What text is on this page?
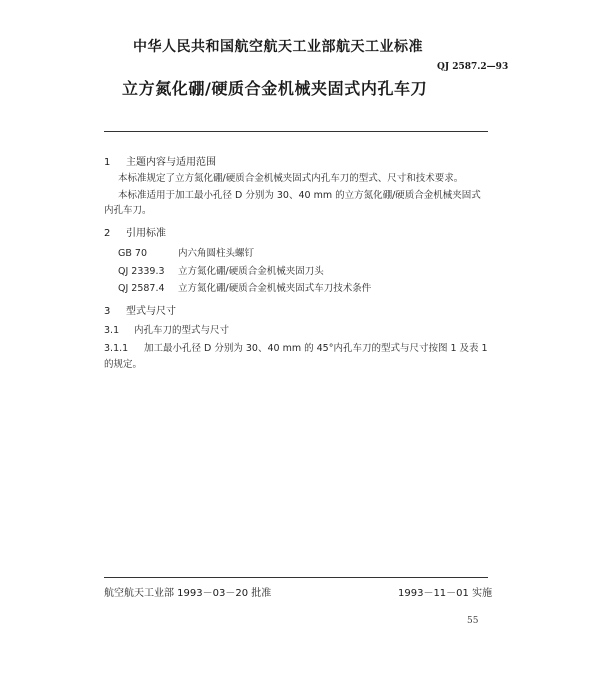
中华人民共和国航空航天工业部航天工业标准
QJ 2587.2—93
立方氮化硼/硬质合金机械夹固式内孔车刀
1 主题内容与适用范围
本标准规定了立方氮化硼/硬质合金机械夹固式内孔车刀的型式、尺寸和技术要求。
本标准适用于加工最小孔径 D 分别为 30、40 mm 的立方氮化硼/硬质合金机械夹固式
内孔车刀。
2 引用标准
GB 70	内六角圆柱头螺钉
QJ 2339.3 立方氮化硼/硬质合金机械夹固刀头
QJ 2587.4 立方氮化硼/硬质合金机械夹固式车刀技术条件
3 型式与尺寸
3.1 内孔车刀的型式与尺寸
3.1.1 加工最小孔径 D 分别为 30、40 mm 的 45°内孔车刀的型式与尺寸按图 1 及表 1
的规定。
航空航天工业部 1993－03－20 批准	1993－11－01 实施
55
